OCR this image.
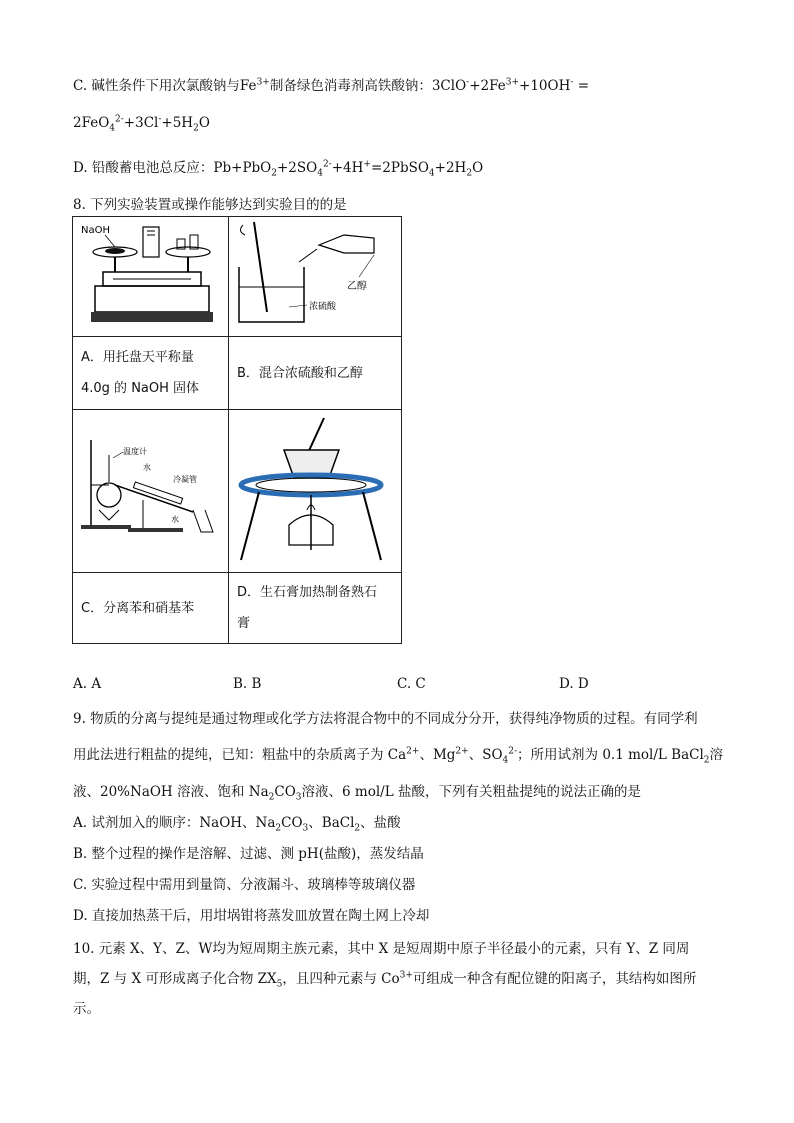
C. 碱性条件下用次氯酸钠与$Fe^{3+}$制备绿色消毒剂高铁酸钠：$3ClO^-+2Fe^{3+}+10OH^-$ =
$2FeO_4^{2-}+3Cl^-+5H_2O$
D. 铅酸蓄电池总反应：$Pb+PbO_2+2SO_4^{2-}+4H^+=2PbSO_4+2H_2O$
8. 下列实验装置或操作能够达到实验目的的是
NaOH	乙醇
浓硫酸

A．用托盘天平称量
4.0g 的 NaOH 固体	B．混合浓硫酸和乙醇

温度计
水
冷凝管
水

C．分离苯和硝基苯	D．生石膏加热制备熟石
膏
A. A	B. B	C. C	D. D
9. 物质的分离与提纯是通过物理或化学方法将混合物中的不同成分分开，获得纯净物质的过程。有同学利
用此法进行粗盐的提纯，已知：粗盐中的杂质离子为 $Ca^{2+}$、$Mg^{2+}$、$SO_4^{2-}$；所用试剂为 0.1 mol/L BaCl$_2$溶
液、20%NaOH 溶液、饱和 $Na_2CO_3$溶液、6 mol/L 盐酸，下列有关粗盐提纯的说法正确的是
A. 试剂加入的顺序：NaOH、$Na_2CO_3$、BaCl$_2$、盐酸
B. 整个过程的操作是溶解、过滤、测 pH(盐酸)，蒸发结晶
C. 实验过程中需用到量筒、分液漏斗、玻璃棒等玻璃仪器
D. 直接加热蒸干后，用坩埚钳将蒸发皿放置在陶土网上冷却
10. 元素 X、Y、Z、W均为短周期主族元素，其中 X 是短周期中原子半径最小的元素，只有 Y、Z 同周
期，Z 与 X 可形成离子化合物 $ZX_5$，且四种元素与 $Co^{3+}$可组成一种含有配位键的阳离子，其结构如图所
示。
